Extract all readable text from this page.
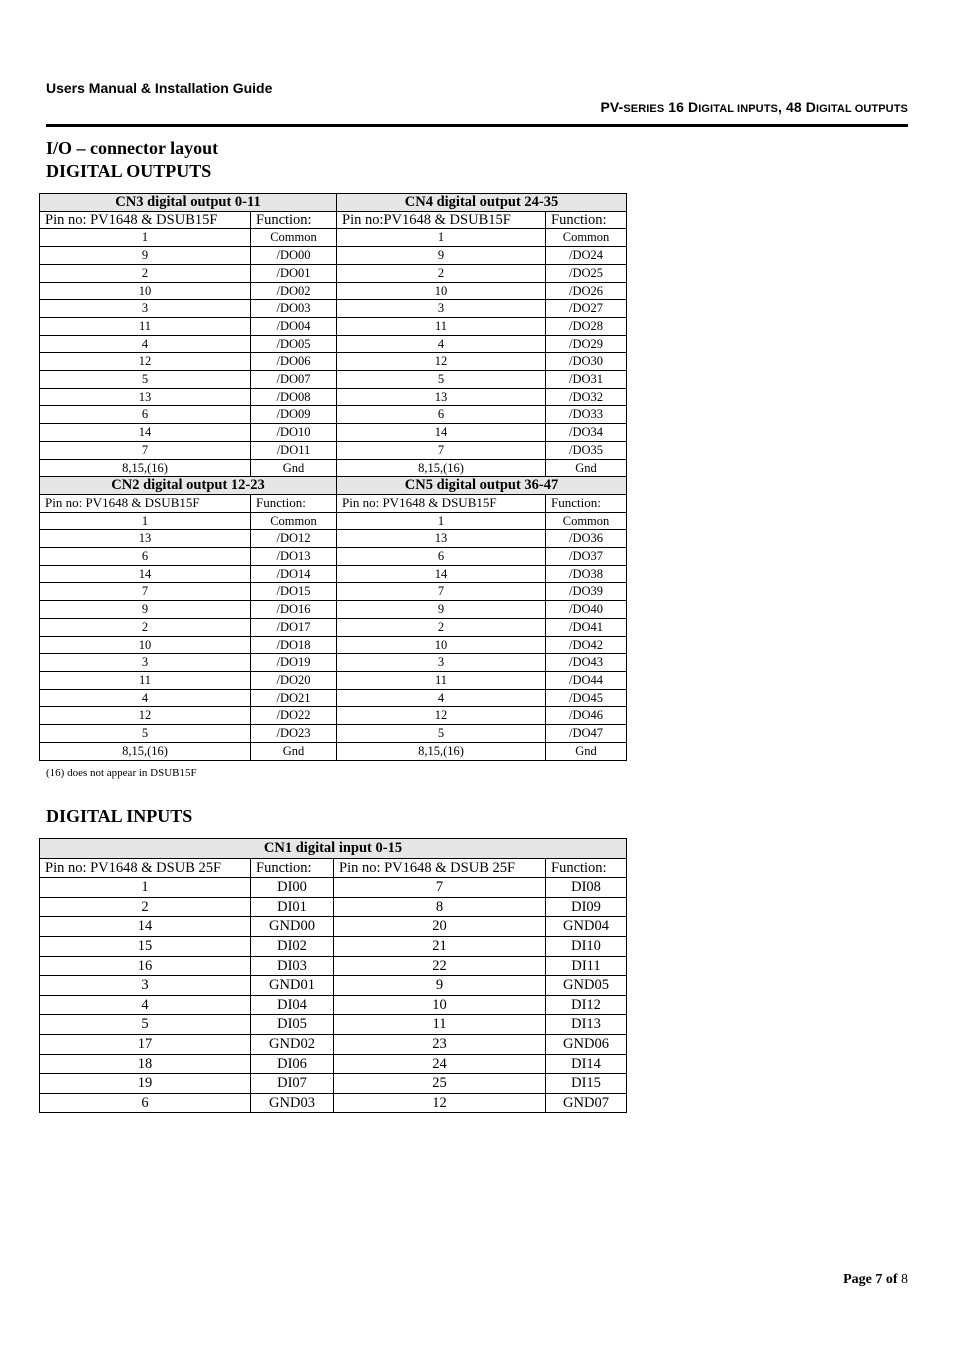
Users Manual & Installation Guide
PV-SERIES 16 DIGITAL INPUTS, 48 DIGITAL OUTPUTS
I/O – connector layout
DIGITAL OUTPUTS
CN3 digital output 0-11		CN4 digital output 24-35	
Pin no: PV1648 & DSUB15F	Function:	Pin no:PV1648 & DSUB15F	Function:
1	Common	1	Common
9	/DO00	9	/DO24
2	/DO01	2	/DO25
10	/DO02	10	/DO26
3	/DO03	3	/DO27
11	/DO04	11	/DO28
4	/DO05	4	/DO29
12	/DO06	12	/DO30
5	/DO07	5	/DO31
13	/DO08	13	/DO32
6	/DO09	6	/DO33
14	/DO10	14	/DO34
7	/DO11	7	/DO35
8,15,(16)	Gnd	8,15,(16)	Gnd
CN2 digital output 12-23		CN5 digital output 36-47	
Pin no: PV1648 & DSUB15F	Function:	Pin no: PV1648 & DSUB15F	Function:
1	Common	1	Common
13	/DO12	13	/DO36
6	/DO13	6	/DO37
14	/DO14	14	/DO38
7	/DO15	7	/DO39
9	/DO16	9	/DO40
2	/DO17	2	/DO41
10	/DO18	10	/DO42
3	/DO19	3	/DO43
11	/DO20	11	/DO44
4	/DO21	4	/DO45
12	/DO22	12	/DO46
5	/DO23	5	/DO47
8,15,(16)	Gnd	8,15,(16)	Gnd
(16) does not appear in DSUB15F
DIGITAL INPUTS
CN1 digital input 0-15			
Pin no: PV1648 & DSUB 25F	Function:	Pin no: PV1648 & DSUB 25F	Function:
1	DI00	7	DI08
2	DI01	8	DI09
14	GND00	20	GND04
15	DI02	21	DI10
16	DI03	22	DI11
3	GND01	9	GND05
4	DI04	10	DI12
5	DI05	11	DI13
17	GND02	23	GND06
18	DI06	24	DI14
19	DI07	25	DI15
6	GND03	12	GND07
Page 7 of 8
